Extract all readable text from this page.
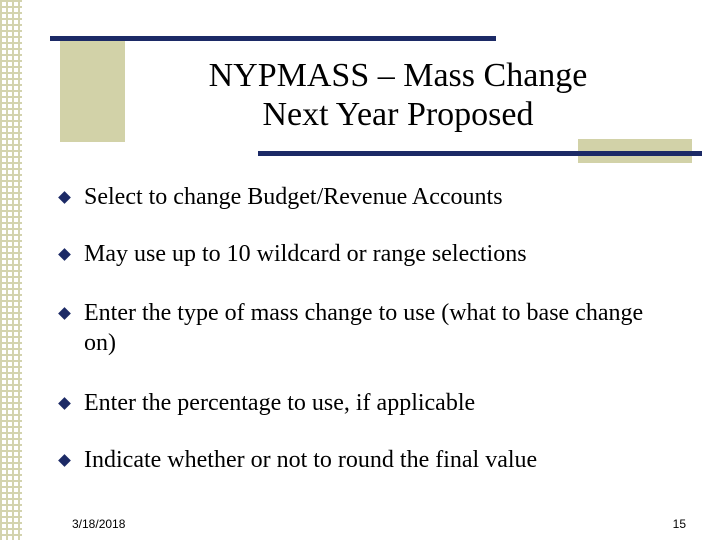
NYPMASS – Mass Change
Next Year Proposed
Select to change Budget/Revenue Accounts
May use up to 10 wildcard or range selections
Enter the type of mass change to use (what to base change on)
Enter the percentage to use, if applicable
Indicate whether or not to round the final value
3/18/2018	15
